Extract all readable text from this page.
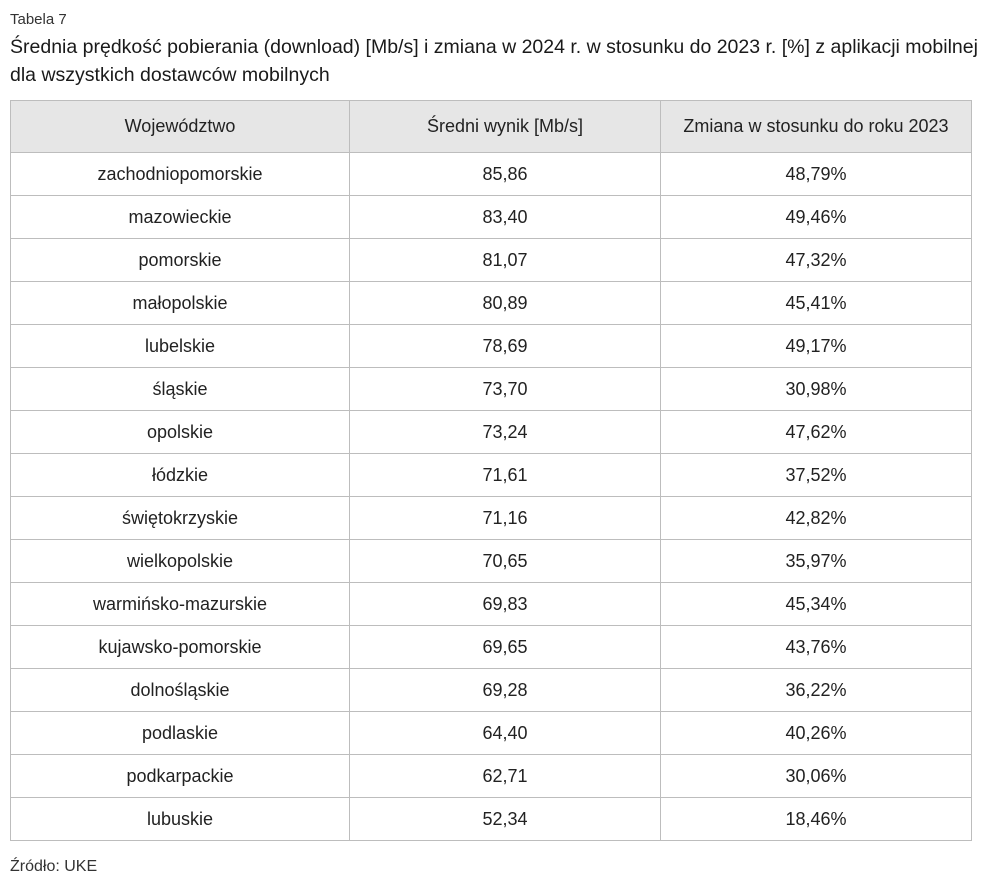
Tabela 7
Średnia prędkość pobierania (download) [Mb/s] i zmiana w 2024 r. w stosunku do 2023 r. [%] z aplikacji mobilnej dla wszystkich dostawców mobilnych
Województwo	Średni wynik [Mb/s]	Zmiana w stosunku do roku 2023
zachodniopomorskie	85,86	48,79%
mazowieckie	83,40	49,46%
pomorskie	81,07	47,32%
małopolskie	80,89	45,41%
lubelskie	78,69	49,17%
śląskie	73,70	30,98%
opolskie	73,24	47,62%
łódzkie	71,61	37,52%
świętokrzyskie	71,16	42,82%
wielkopolskie	70,65	35,97%
warmińsko-mazurskie	69,83	45,34%
kujawsko-pomorskie	69,65	43,76%
dolnośląskie	69,28	36,22%
podlaskie	64,40	40,26%
podkarpackie	62,71	30,06%
lubuskie	52,34	18,46%
Źródło: UKE
